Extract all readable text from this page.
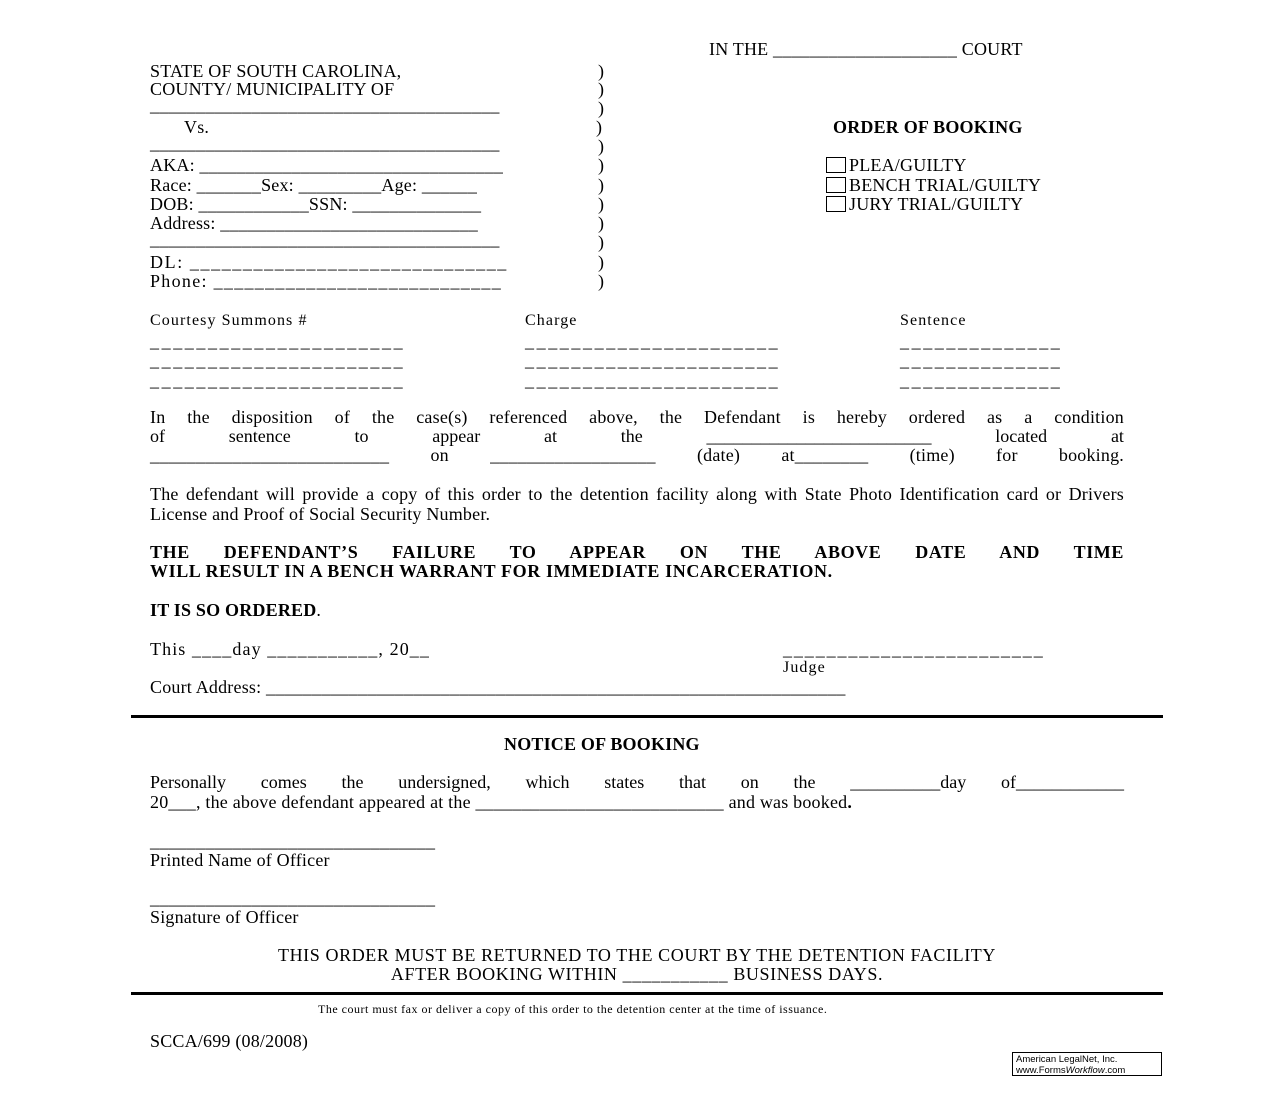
IN THE ____________________ COURT
STATE OF SOUTH CAROLINA,
COUNTY/ MUNICIPALITY OF
______________________________________
Vs.
______________________________________
AKA: _________________________________
Race: _______Sex: _________Age: ______
DOB: ____________SSN: ______________
Address: ____________________________
______________________________________
DL: ______________________________
Phone: ____________________________
)
)
)
)
)
)
)
)
)
)
)
)
ORDER OF BOOKING
PLEA/GUILTY
BENCH TRIAL/GUILTY
JURY TRIAL/GUILTY
Courtesy Summons #	Charge	Sentence
______________________	______________________	______________
______________________	______________________	______________
______________________	______________________	______________
In the disposition of the case(s) referenced above, the Defendant is hereby ordered as a condition
of	sentence	to	appear	at	the	_________________________	located	at
__________________________ on __________________ (date) at________ (time) for booking.
The defendant will provide a copy of this order to the detention facility along with State Photo Identification card or Drivers License and Proof of Social Security Number.
THE DEFENDANT’S FAILURE TO APPEAR ON THE ABOVE DATE AND TIME
WILL RESULT IN A BENCH WARRANT FOR IMMEDIATE INCARCERATION.
IT IS SO ORDERED.
This ____day ___________, 20__	________________________
Judge
Court Address: _______________________________________________________________
NOTICE OF BOOKING
Personally comes the undersigned, which states that on the __________day of____________
20___, the above defendant appeared at the ___________________________ and was booked.
_______________________________
Printed Name of Officer
_______________________________
Signature of Officer
THIS ORDER MUST BE RETURNED TO THE COURT BY THE DETENTION FACILITY
AFTER BOOKING WITHIN ___________ BUSINESS DAYS.
The court must fax or deliver a copy of this order to the detention center at the time of issuance.
SCCA/699 (08/2008)
American LegalNet, Inc.
www.FormsWorkflow.com
